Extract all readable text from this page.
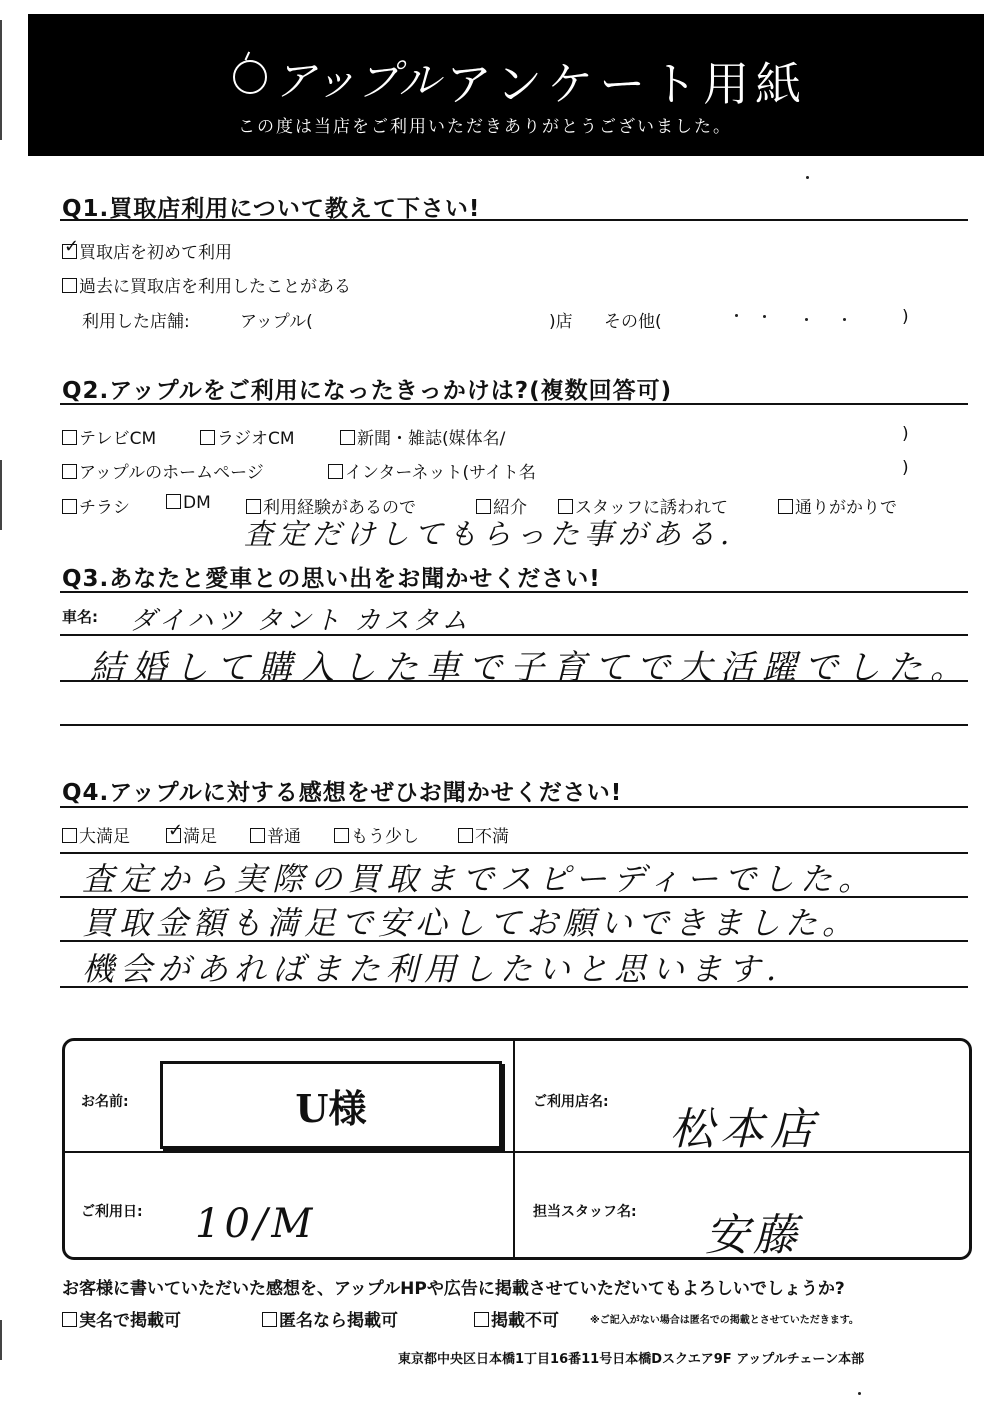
アップル アンケート用紙
この度は当店をご利用いただきありがとうございました。
Q1.買取店利用について教えて下さい!
✓ 買取店を初めて利用
過去に買取店を利用したことがある
利用した店舗:	アップル(	)店 その他(	)
Q2.アップルをご利用になったきっかけは?(複数回答可)
テレビCM	ラジオCM	新聞・雑誌(媒体名/	)
アップルのホームページ	インターネット(サイト名	)
チラシ	DM	利用経験があるので	紹介	スタッフに誘われて	通りがかりで
査定だけしてもらった事がある.
Q3.あなたと愛車との思い出をお聞かせください!
車名: ダイハツ タント カスタム
結婚して購入した車で子育てで大活躍でした。
Q4.アップルに対する感想をぜひお聞かせください!
大満足 ✓ 満足	普通	もう少し	不満
査定から実際の買取までスピーディーでした。
買取金額も満足で安心してお願いできました。
機会があればまた利用したいと思います.
お名前:	U様	ご利用店名:
松本店
ご利用日: 10/M	担当スタッフ名: 安藤
お客様に書いていただいた感想を、アップルHPや広告に掲載させていただいてもよろしいでしょうか?
実名で掲載可	匿名なら掲載可	掲載不可	※ご記入がない場合は匿名での掲載とさせていただきます。
東京都中央区日本橋1丁目16番11号日本橋Dスクエア9F アップルチェーン本部
